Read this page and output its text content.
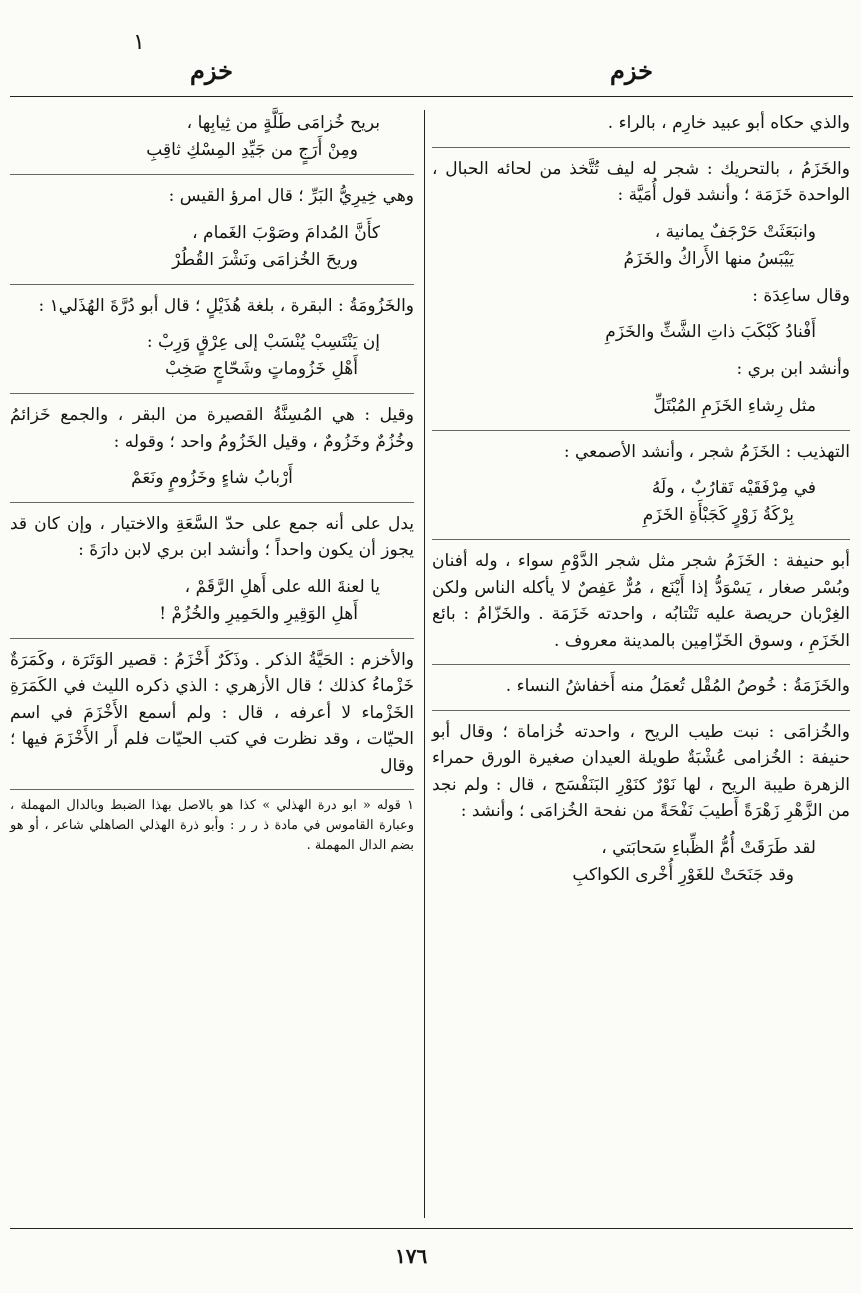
١
خزم	خزم

والذي حكاه أبو عبيد خارِم ، بالراء .

والخَزَمُ ، بالتحريك : شجر له ليف تُتَّخذ من لحائه الحبال ، الواحدة خَزَمَة ؛ وأنشد قول أُمَيَّة :

وانبَعَثَتْ حَرْجَفٌ يمانية ،
يَيْبَسُ منها الأَراكُ والخَزَمُ

وقال ساعِدَة :

أَفْنادُ كَبْكَبَ ذاتِ الشَّثِّ والخَزَمِ

وأنشد ابن بري :

مثل رِشاءِ الخَزَمِ المُبْتَلِّ

التهذيب : الخَزَمُ شجر ، وأنشد الأصمعي :

في مِرْفَقَيْه تَقارُبٌ ، ولَهُ
بِرْكَةُ زَوْرٍ كَجَبْأَةِ الخَزَمِ

أبو حنيفة : الخَزَمُ شجر مثل شجر الدَّوْمِ سواء ، وله أفنان وبُسْر صغار ، يَسْوَدُّ إذا أَيْنَع ، مُرٌّ عَفِصٌ لا يأكله الناس ولكن الغِرْبان حريصة عليه تَنْتابُه ، واحدته خَزَمَة . والخَزّامُ : بائع الخَزَمِ ، وسوق الخَزّامِين بالمدينة معروف .

والخَزَمَةُ : خُوصُ المُقْل تُعمَلُ منه أَخفاشُ النساء .

والخُزامَى : نبت طيب الريح ، واحدته خُزاماة ؛ وقال أبو حنيفة : الخُزامى عُشْبَةٌ طويلة العيدان صغيرة الورق حمراء الزهرة طيبة الريح ، لها نَوْرٌ كنَوْرِ البَنَفْسَج ، قال : ولم نجد من الزَّهْرِ زَهْرَةً أَطيبَ نَفْحَةً من نفحة الخُزامَى ؛ وأنشد :

لقد طَرَقَتْ أُمُّ الظِّباءِ سَحابَتي ،
وقد جَنَحَتْ للغَوْرِ أُخْرى الكواكبِ
بريح خُزامَى طَلَّةٍ من ثِيابِها ،
ومِنْ أَرَجٍ من جَيِّدِ المِسْكِ ثاقِبِ

وهي خِيرِيُّ البَرِّ ؛ قال امرؤ القيس :

كأَنَّ المُدامَ وصَوْبَ الغَمام ،
وريحَ الخُزامَى ونَشْرَ القُطُرْ

والخَزُومَةُ : البقرة ، بلغة هُذَيْلٍ ؛ قال أبو دُرَّةَ الهُذَلي١ :

إن يَنْتَسِبْ يُنْسَبْ إلى عِرْقٍ وَرِبْ :
أَهْلِ خَزُوماتٍ وشَحّاجٍ صَخِبْ

وقيل : هي المُسِنَّةُ القصيرة من البقر ، والجمع خَزائمُ وخُزُمٌ وخَزُومٌ ، وقيل الخَزُومُ واحد ؛ وقوله :

أَرْبابُ شاءٍ وخَزُومٍ ونَعَمْ

يدل على أنه جمع على حدّ السَّعَةِ والاختيار ، وإن كان قد يجوز أن يكون واحداً ؛ وأنشد ابن بري لابن دارَةَ :

يا لعنةَ الله على أَهلِ الرَّقَمْ ،
أَهلِ الوَقِيرِ والحَمِيرِ والخُزُمْ !

والأخزم : الحَيَّةُ الذكر . وذَكَرٌ أَخْزَمُ : قصير الوَتَرَة ، وكَمَرَةٌ خَزْماءُ كذلك ؛ قال الأزهري : الذي ذكره الليث في الكَمَرَةِ الخَزْماء لا أعرفه ، قال : ولم أسمع الأَخْزَمَ في اسم الحيّات ، وقد نظرت في كتب الحيّات فلم أَر الأَخْزَمَ فيها ؛ وقال

١ قوله « ابو درة الهذلي » كذا هو بالاصل بهذا الضبط وبالدال المهملة ، وعبارة القاموس في مادة ذ ر ر : وأبو ذرة الهذلي الصاهلي شاعر ، أو هو بضم الدال المهملة .
١٧٦
